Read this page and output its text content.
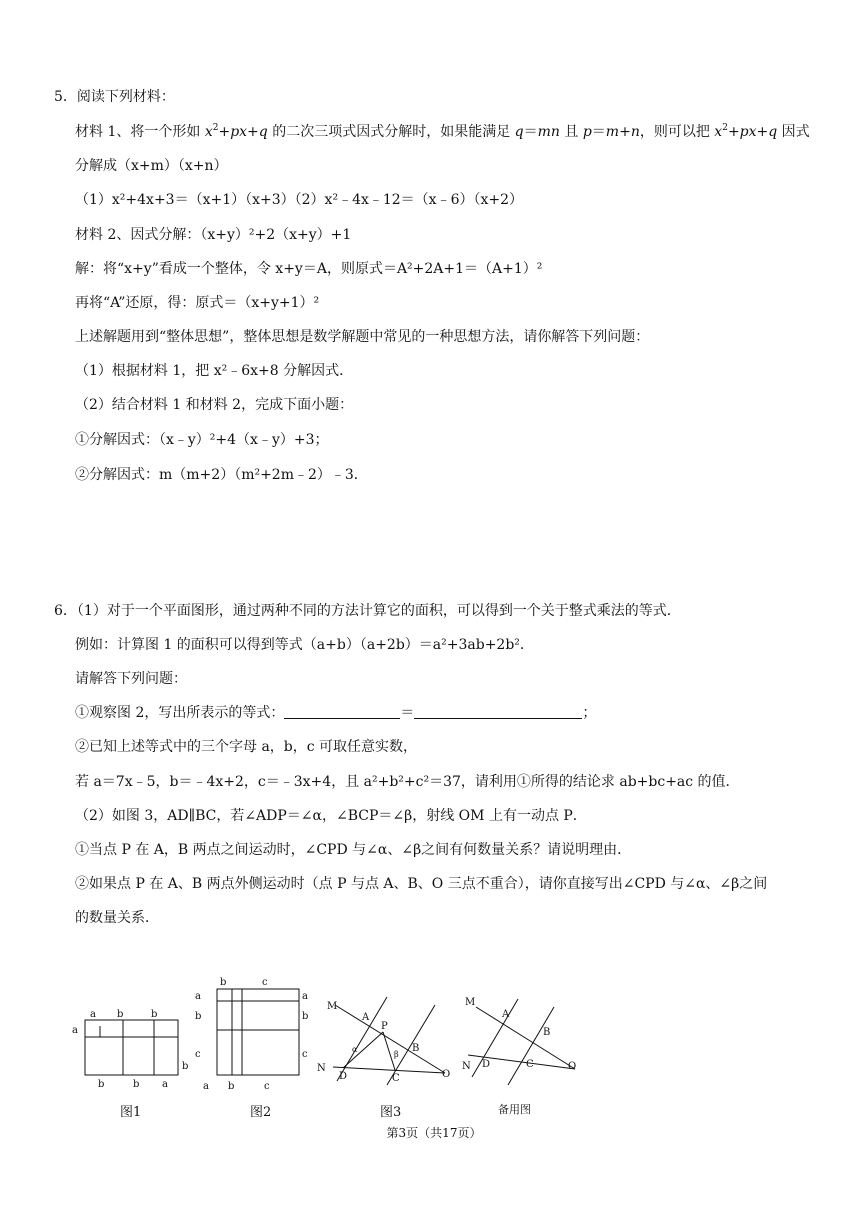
5．阅读下列材料：
材料 1、将一个形如 $x^2+px+q$ 的二次三项式因式分解时，如果能满足 q＝mn 且 p＝m+n，则可以把 $x^2+px+q$ 因式
分解成（x+m）（x+n）
（1）x²+4x+3＝（x+1）（x+3）（2）x²﹣4x﹣12＝（x﹣6）（x+2）
材料 2、因式分解：（x+y）²+2（x+y）+1
解：将“x+y”看成一个整体，令 x+y＝A，则原式＝A²+2A+1＝（A+1）²
再将“A”还原，得：原式＝（x+y+1）²
上述解题用到“整体思想”，整体思想是数学解题中常见的一种思想方法，请你解答下列问题：
（1）根据材料 1，把 x²﹣6x+8 分解因式．
（2）结合材料 1 和材料 2，完成下面小题：
①分解因式：（x﹣y）²+4（x﹣y）+3；
②分解因式：m（m+2）（m²+2m﹣2）﹣3．
6．（1）对于一个平面图形，通过两种不同的方法计算它的面积，可以得到一个关于整式乘法的等式．
例如：计算图 1 的面积可以得到等式（a+b）（a+2b）＝a²+3ab+2b²．
请解答下列问题：
①观察图 2，写出所表示的等式：	＝	；
②已知上述等式中的三个字母 a，b，c 可取任意实数，
若 a＝7x﹣5，b＝﹣4x+2，c＝﹣3x+4，且 a²+b²+c²＝37，请利用①所得的结论求 ab+bc+ac 的值．
（2）如图 3，AD∥BC，若∠ADP＝∠α，∠BCP＝∠β，射线 OM 上有一动点 P．
①当点 P 在 A，B 两点之间运动时，∠CPD 与∠α、∠β之间有何数量关系？请说明理由．
②如果点 P 在 A、B 两点外侧运动时（点 P 与点 A、B、O 三点不重合），请你直接写出∠CPD 与∠α、∠β之间
的数量关系．
a b	b
a
b
b	b a
图1
b	c
a
b
c
a
b
c
a b	c
图2
M
A
P
B
N
D	C	O
α
β
图3
M
A
B
N D	C	O
备用图
第3页（共17页）
